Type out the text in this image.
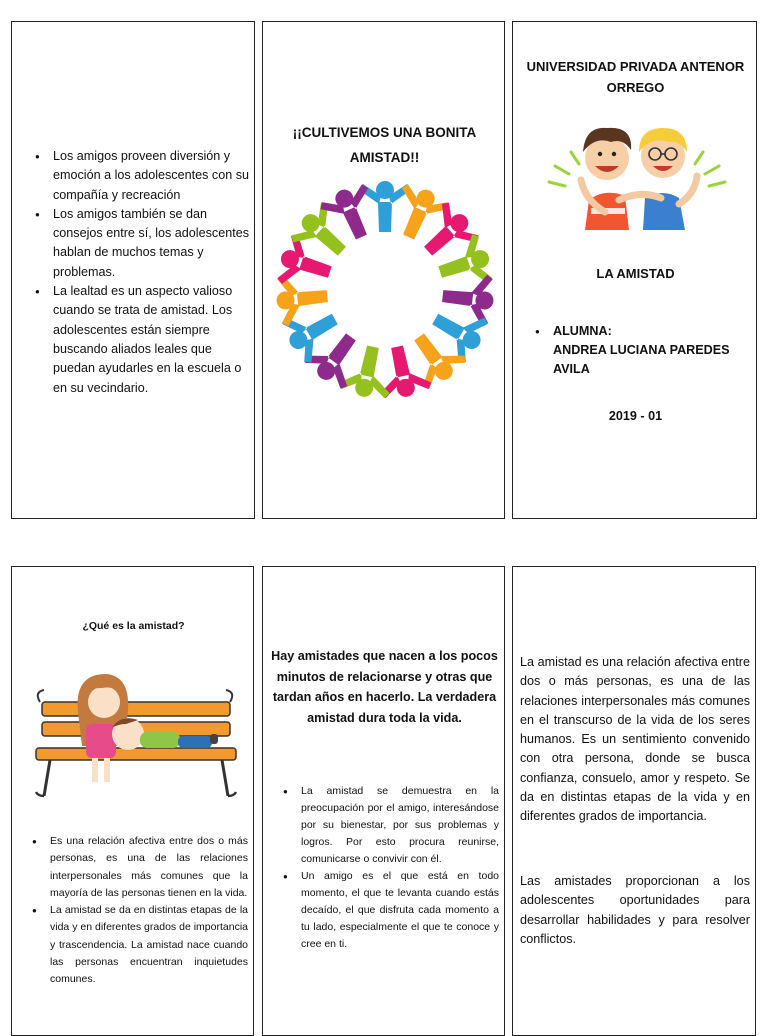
● Los amigos proveen diversión y emoción a los adolescentes con su compañía y recreación
● Los amigos también se dan consejos entre sí, los adolescentes hablan de muchos temas y problemas.
● La lealtad es un aspecto valioso cuando se trata de amistad. Los adolescentes están siempre buscando aliados leales que puedan ayudarles en la escuela o en su vecindario.
¡¡CULTIVEMOS UNA BONITA AMISTAD!!
UNIVERSIDAD PRIVADA ANTENOR ORREGO
LA AMISTAD
● ALUMNA:
ANDREA LUCIANA PAREDES AVILA
2019 - 01
¿Qué es la amistad?
● Es una relación afectiva entre dos o más personas, es una de las relaciones interpersonales más comunes que la mayoría de las personas tienen en la vida.
● La amistad se da en distintas etapas de la vida y en diferentes grados de importancia y trascendencia. La amistad nace cuando las personas encuentran inquietudes comunes.
Hay amistades que nacen a los pocos minutos de relacionarse y otras que tardan años en hacerlo. La verdadera amistad dura toda la vida.
● La amistad se demuestra en la preocupación por el amigo, interesándose por su bienestar, por sus problemas y logros. Por esto procura reunirse, comunicarse o convivir con él.
● Un amigo es el que está en todo momento, el que te levanta cuando estás decaído, el que disfruta cada momento a tu lado, especialmente el que te conoce y cree en ti.

La amistad es una relación afectiva entre dos o más personas, es una de las relaciones interpersonales más comunes en el transcurso de la vida de los seres humanos. Es un sentimiento convenido con otra persona, donde se busca confianza, consuelo, amor y respeto. Se da en distintas etapas de la vida y en diferentes grados de importancia.

Las amistades proporcionan a los adolescentes oportunidades para desarrollar habilidades y para resolver conflictos.
